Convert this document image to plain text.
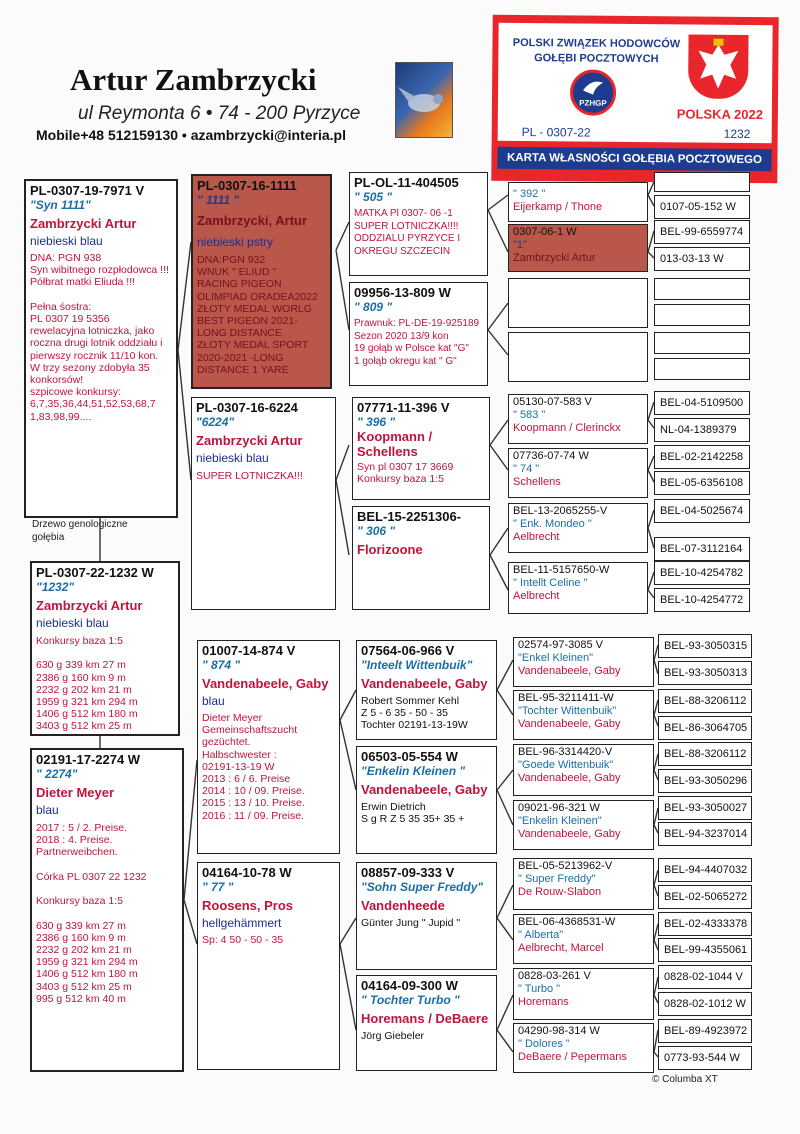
Artur Zambrzycki
ul Reymonta 6 • 74 - 200 Pyrzyce
Mobile+48 512159130 • azambrzycki@interia.pl
POLSKI ZWIĄZEK HODOWCÓW
GOŁĘBI POCZTOWYCH
PZHGP
POLSKA 2022
PL - 0307-22	1232
KARTA WŁASNOŚCI GOŁĘBIA POCZTOWEGO
PL-0307-19-7971 V
"Syn 1111"
Zambrzycki Artur
niebieski blau
DNA: PGN 938
Syn wibitnego rozpłodowca !!!
Półbrat matki Eliuda !!!

Pełna śostra:
PL 0307 19 5356
rewelacyjna lotniczka, jako roczna drugi lotnik oddziału i pierwszy rocznik 11/10 kon.
W trzy sezony zdobyła 35 konkorsów!
szpicowe konkursy:
6,7,35,36,44,51,52,53,68,7 1,83,98,99....
Drzewo genologiczne gołębia
PL-0307-22-1232 W
"1232"
Zambrzycki Artur
niebieski blau
Konkursy baza 1:5

630 g 339 km 27 m
2386 g 160 km 9 m
2232 g 202 km 21 m
1959 g 321 km 294 m
1406 g 512 km 180 m
3403 g 512 km 25 m
02191-17-2274 W
" 2274"
Dieter Meyer
blau
2017 : 5 / 2. Preise.
2018 : 4. Preise.
Partnerweibchen.

Córka PL 0307 22 1232

Konkursy baza 1:5

630 g 339 km 27 m
2386 g 160 km 9 m
2232 g 202 km 21 m
1959 g 321 km 294 m
1406 g 512 km 180 m
3403 g 512 km 25 m
995 g 512 km 40 m
PL-0307-16-1111
" 1111 "
Zambrzycki, Artur
niebieski pstry
DNA:PGN 932
WNUK " ELIUD "
RACING PIGEON OLIMPIAD ORADEA2022
ZŁOTY MEDAL WORLG BEST PIGEON 2021- LONG DISTANCE
ZŁOTY MEDAL SPORT 2020-2021 -LONG DISTANCE 1 YARE
PL-0307-16-6224
"6224"
Zambrzycki Artur
niebieski blau
SUPER LOTNICZKA!!!
01007-14-874 V
" 874 "
Vandenabeele, Gaby
blau
Dieter Meyer
Gemeinschaftszucht
gezüchtet.
Halbschwester :
02191-13-19 W
2013 : 6 / 6. Preise
2014 : 10 / 09. Preise.
2015 : 13 / 10. Preise.
2016 : 11 / 09. Preise.
04164-10-78 W
" 77 "
Roosens, Pros
hellgehämmert
Sp: 4 50 - 50 - 35
PL-OL-11-404505
" 505 "
MATKA Pl 0307- 06 -1
SUPER LOTNICZKA!!!!
ODDZIALU PYRZYCE I
OKREGU SZCZECIN
09956-13-809 W
" 809 "
Prawnuk: PL-DE-19-925189
Sezon 2020 13/9 kon
19 gołąb w Polsce kat "G"
1 gołąb okregu kat " G"
07771-11-396 V
" 396 "
Koopmann / Schellens
Syn pl 0307 17 3669
Konkursy baza 1:5
BEL-15-2251306-
" 306 "
Florizoone
07564-06-966 V
"Inteelt Wittenbuik"
Vandenabeele, Gaby
Robert Sommer Kehl
Z 5 - 6 35 - 50 - 35
Tochter 02191-13-19W
06503-05-554 W
"Enkelin Kleinen "
Vandenabeele, Gaby
Erwin Dietrich
S g R Z 5 35 35+ 35 +
08857-09-333 V
"Sohn Super Freddy"
Vandenheede
Günter Jung " Jupid "
04164-09-300 W
" Tochter Turbo "
Horemans / DeBaere
Jörg Giebeler
" 392 "
Eijerkamp / Thone
0307-06-1 W
"1"
Zambrzycki Artur
05130-07-583 V
" 583 "
Koopmann / Clerinckx
07736-07-74 W
" 74 "
Schellens
BEL-13-2065255-V
" Enk. Mondeo "
Aelbrecht
BEL-11-5157650-W
" Intellt Celine "
Aelbrecht
02574-97-3085 V
"Enkel Kleinen"
Vandenabeele, Gaby
BEL-95-3211411-W
"Tochter Wittenbuik"
Vandenabeele, Gaby
BEL-96-3314420-V
"Goede Wittenbuik"
Vandenabeele, Gaby
09021-96-321 W
"Enkelin Kleinen"
Vandenabeele, Gaby
BEL-05-5213962-V
" Super Freddy"
De Rouw-Slabon
BEL-06-4368531-W
" Alberta"
Aelbrecht, Marcel
0828-03-261 V
" Turbo "
Horemans
04290-98-314 W
" Dolores "
DeBaere / Pepermans
0107-05-152 W
BEL-99-6559774
013-03-13 W
BEL-04-5109500
NL-04-1389379
BEL-02-2142258
BEL-05-6356108
BEL-04-5025674
BEL-07-3112164
BEL-10-4254782
BEL-10-4254772
BEL-93-3050315
BEL-93-3050313
BEL-88-3206112
BEL-86-3064705
BEL-88-3206112
BEL-93-3050296
BEL-93-3050027
BEL-94-3237014
BEL-94-4407032
BEL-02-5065272
BEL-02-4333378
BEL-99-4355061
0828-02-1044 V
0828-02-1012 W
BEL-89-4923972
0773-93-544 W
© Columba XT
